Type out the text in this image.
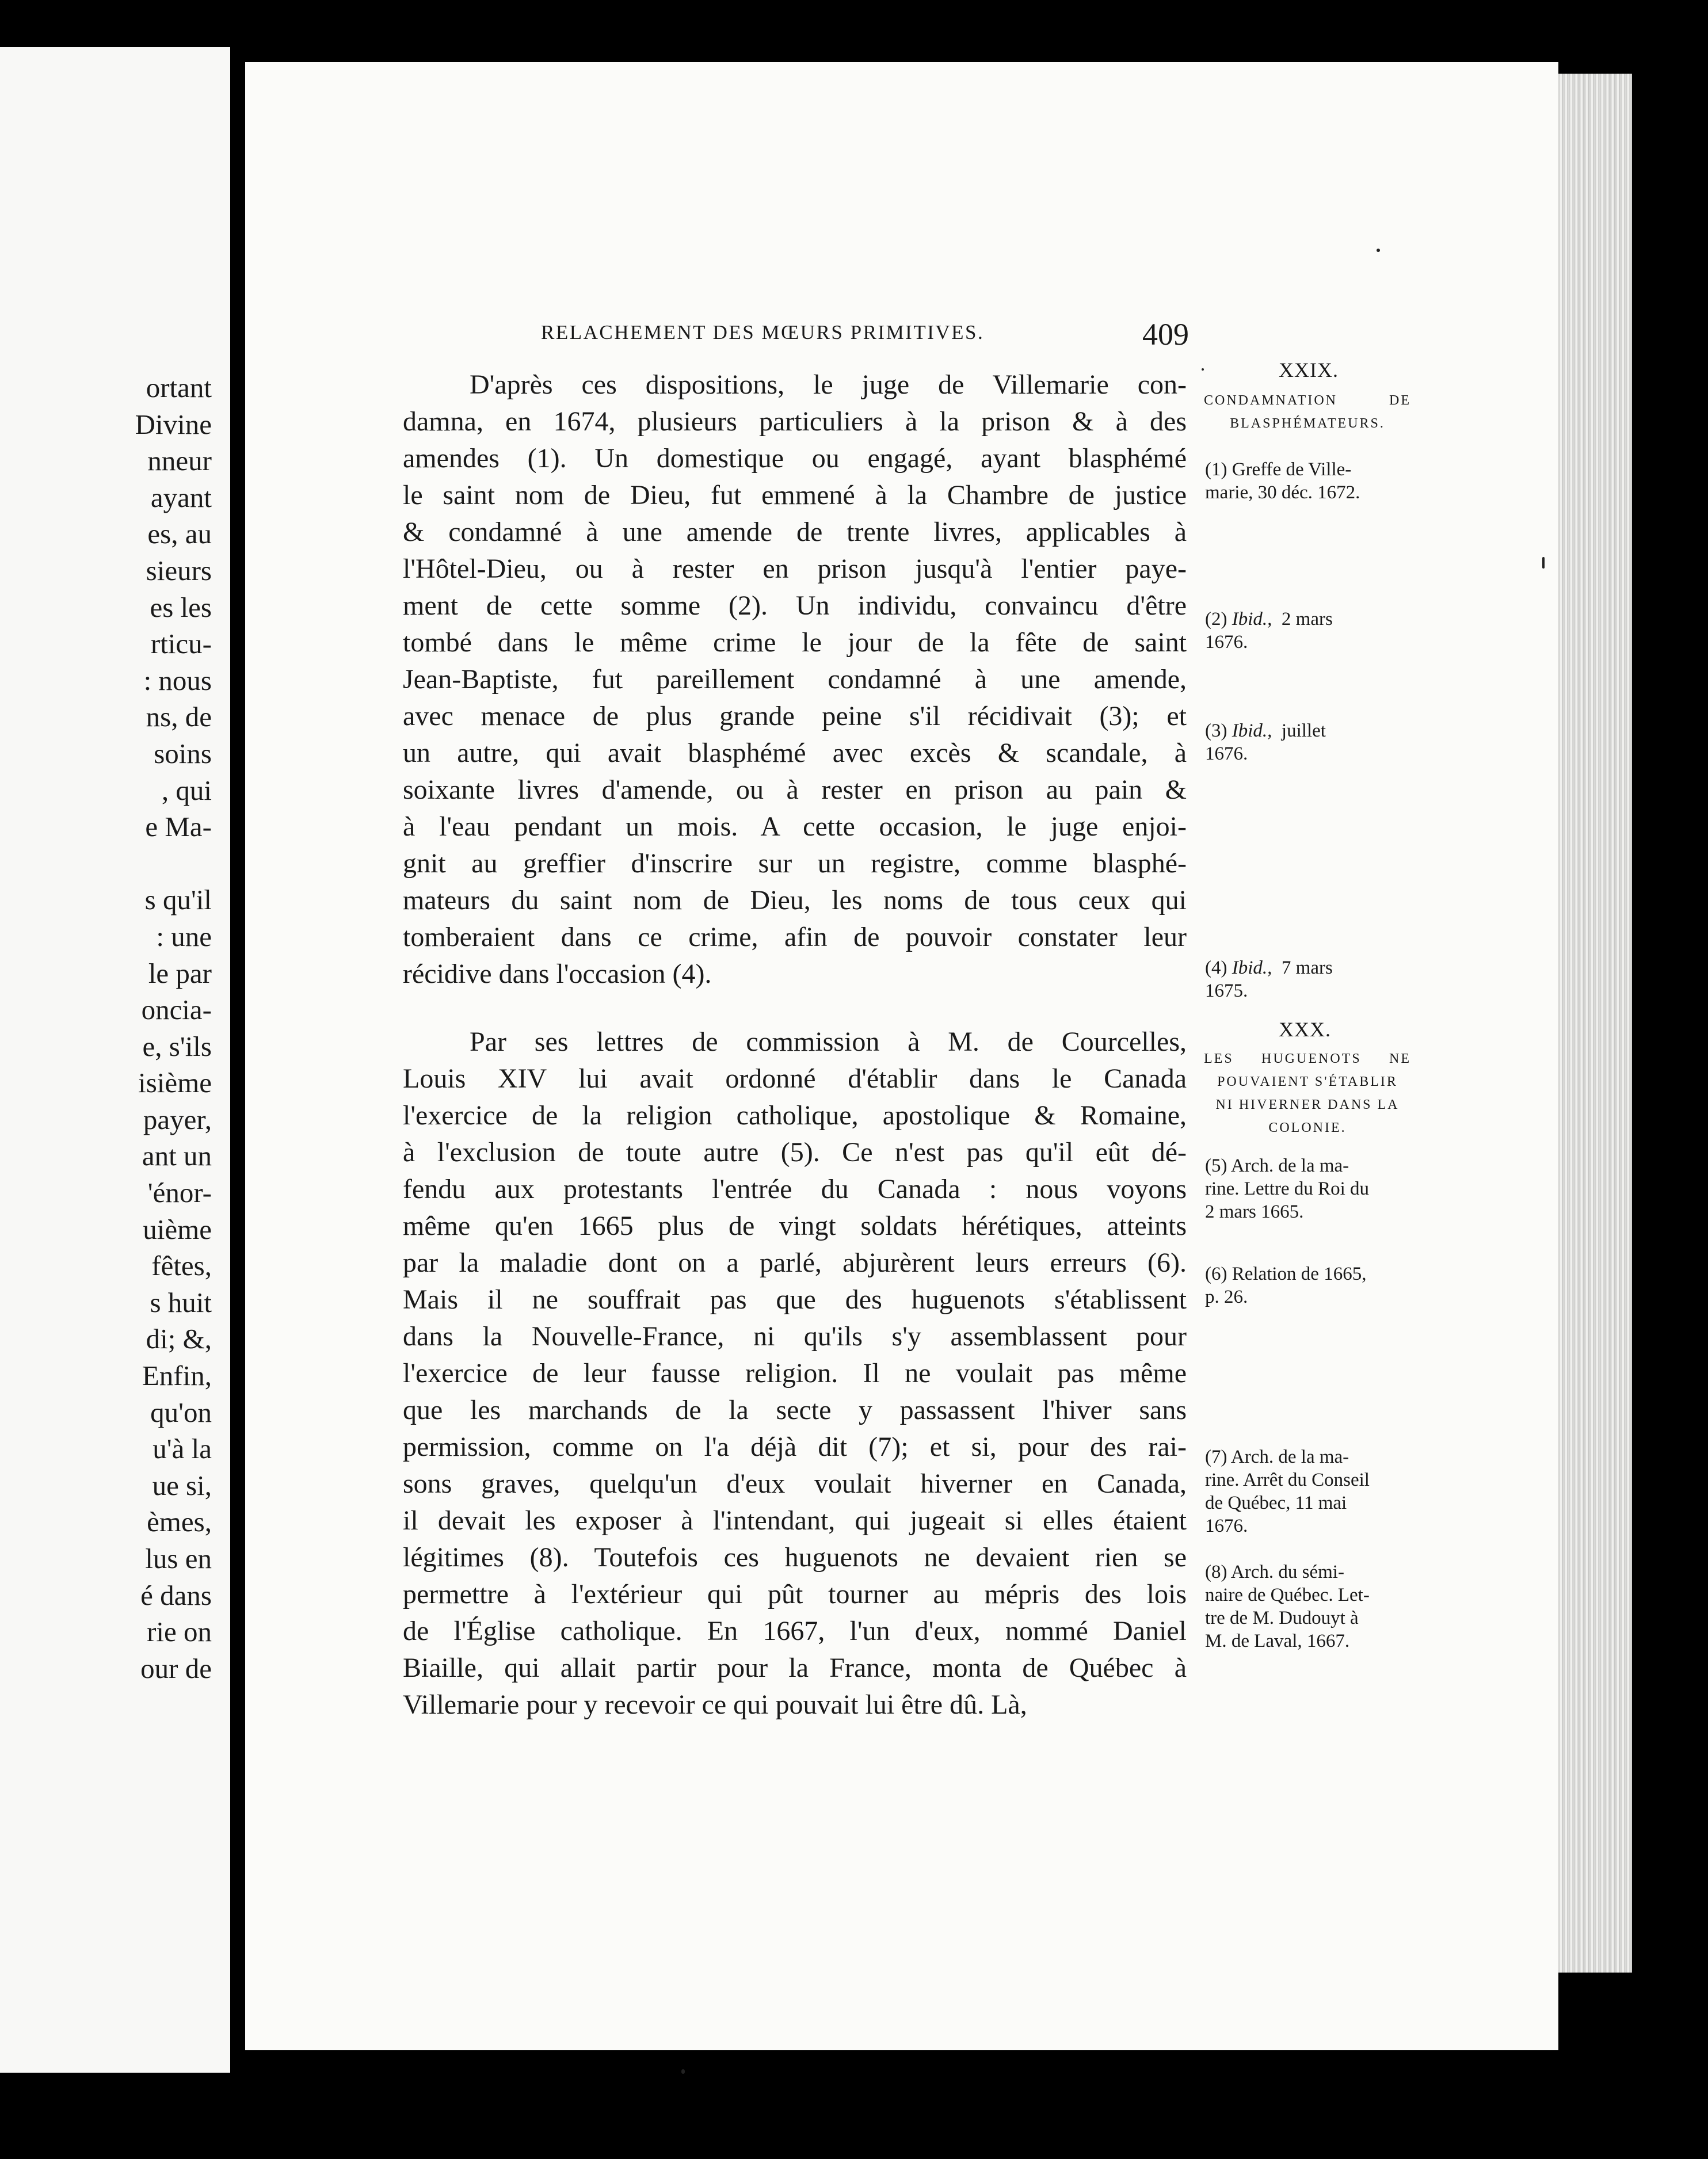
ortant
Divine
nneur
ayant
es, au
sieurs
es les
rticu-
: nous
ns, de
soins
, qui
e Ma-
s qu'il
: une
le par
oncia-
e, s'ils
isième
payer,
ant un
'énor-
uième
fêtes,
s huit
di; &,
Enfin,
qu'on
u'à la
ue si,
èmes,
lus en
é dans
rie on
our de
RELACHEMENT DES MŒURS PRIMITIVES.	409
D'après ces dispositions, le juge de Villemarie con-
damna, en 1674, plusieurs particuliers à la prison & à des
amendes (1). Un domestique ou engagé, ayant blasphémé
le saint nom de Dieu, fut emmené à la Chambre de justice
& condamné à une amende de trente livres, applicables à
l'Hôtel-Dieu, ou à rester en prison jusqu'à l'entier paye-
ment de cette somme (2). Un individu, convaincu d'être
tombé dans le même crime le jour de la fête de saint
Jean-Baptiste, fut pareillement condamné à une amende,
avec menace de plus grande peine s'il récidivait (3); et
un autre, qui avait blasphémé avec excès & scandale, à
soixante livres d'amende, ou à rester en prison au pain &
à l'eau pendant un mois. A cette occasion, le juge enjoi-
gnit au greffier d'inscrire sur un registre, comme blasphé-
mateurs du saint nom de Dieu, les noms de tous ceux qui
tomberaient dans ce crime, afin de pouvoir constater leur
récidive dans l'occasion (4).
Par ses lettres de commission à M. de Courcelles,
Louis XIV lui avait ordonné d'établir dans le Canada
l'exercice de la religion catholique, apostolique & Romaine,
à l'exclusion de toute autre (5). Ce n'est pas qu'il eût dé-
fendu aux protestants l'entrée du Canada : nous voyons
même qu'en 1665 plus de vingt soldats hérétiques, atteints
par la maladie dont on a parlé, abjurèrent leurs erreurs (6).
Mais il ne souffrait pas que des huguenots s'établissent
dans la Nouvelle-France, ni qu'ils s'y assemblassent pour
l'exercice de leur fausse religion. Il ne voulait pas même
que les marchands de la secte y passassent l'hiver sans
permission, comme on l'a déjà dit (7); et si, pour des rai-
sons graves, quelqu'un d'eux voulait hiverner en Canada,
il devait les exposer à l'intendant, qui jugeait si elles étaient
légitimes (8). Toutefois ces huguenots ne devaient rien se
permettre à l'extérieur qui pût tourner au mépris des lois
de l'Église catholique. En 1667, l'un d'eux, nommé Daniel
Biaille, qui allait partir pour la France, monta de Québec à
Villemarie pour y recevoir ce qui pouvait lui être dû. Là,
XXIX.
CONDAMNATION DE
BLASPHÉMATEURS.
(1) Greffe de Ville-
marie, 30 déc. 1672.
(2) Ibid., 2 mars
1676.
(3) Ibid., juillet
1676.
(4) Ibid., 7 mars
1675.
XXX.
LES HUGUENOTS NE
POUVAIENT S'ÉTABLIR
NI HIVERNER DANS LA
COLONIE.
(5) Arch. de la ma-
rine. Lettre du Roi du
2 mars 1665.
(6) Relation de 1665,
p. 26.
(7) Arch. de la ma-
rine. Arrêt du Conseil
de Québec, 11 mai
1676.
(8) Arch. du sémi-
naire de Québec. Let-
tre de M. Dudouyt à
M. de Laval, 1667.
